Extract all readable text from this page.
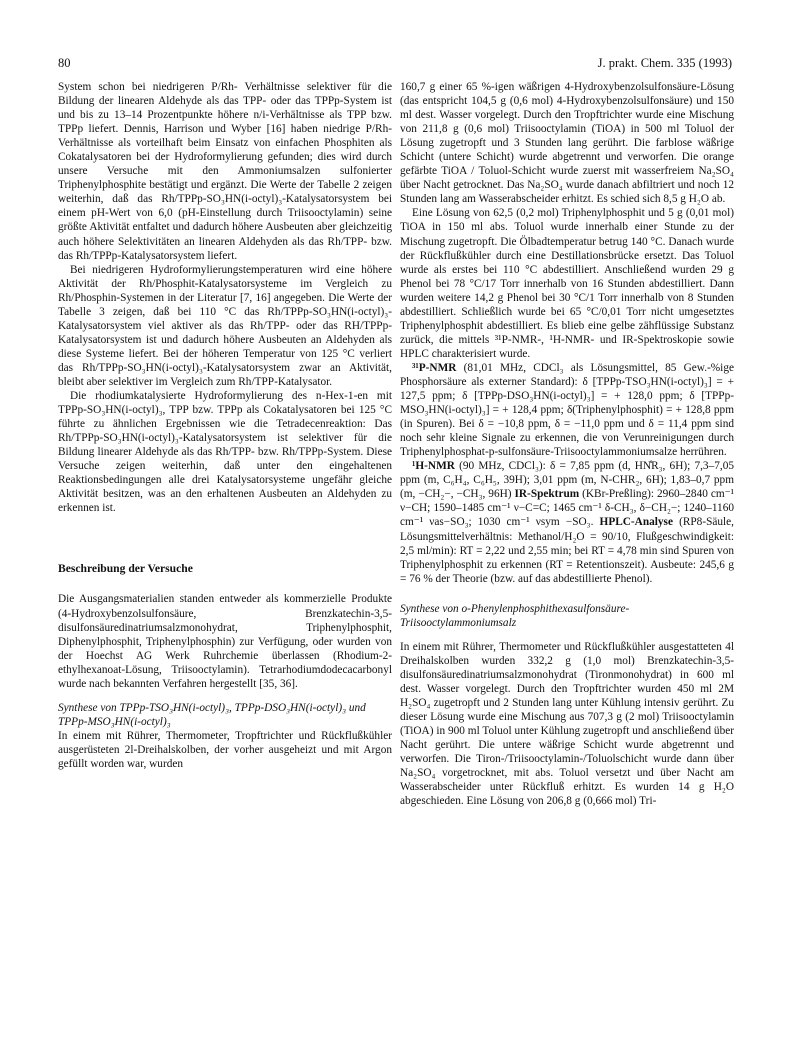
80	J. prakt. Chem. 335 (1993)

System schon bei niedrigeren P/Rh- Verhältnisse selektiver für die Bildung der linearen Aldehyde als das TPP- oder das TPPp-System ist und bis zu 13–14 Prozentpunkte höhere n/i-Verhältnisse als TPP bzw. TPPp liefert. Dennis, Harrison und Wyber [16] haben niedrige P/Rh-Verhältnisse als vorteilhaft beim Einsatz von einfachen Phosphiten als Cokatalysatoren bei der Hydroformylierung gefunden; dies wird durch unsere Versuche mit den Ammoniumsalzen sulfonierter Triphenylphosphite bestätigt und ergänzt. Die Werte der Tabelle 2 zeigen weiterhin, daß das Rh/TPPp-SO₃HN(i-octyl)₃-Katalysatorsystem bei einem pH-Wert von 6,0 (pH-Einstellung durch Triisooctylamin) seine größte Aktivität entfaltet und dadurch höhere Ausbeuten aber gleichzeitig auch höhere Selektivitäten an linearen Aldehyden als das Rh/TPP- bzw. das Rh/TPPp-Katalysatorsystem liefert.

Bei niedrigeren Hydroformylierungstemperaturen wird eine höhere Aktivität der Rh/Phosphit-Katalysatorsysteme im Vergleich zu Rh/Phosphin-Systemen in der Literatur [7, 16] angegeben. Die Werte der Tabelle 3 zeigen, daß bei 110 °C das Rh/TPPp-SO₃HN(i-octyl)₃-Katalysatorsystem viel aktiver als das Rh/TPP- oder das RH/TPPp-Katalysatorsystem ist und dadurch höhere Ausbeuten an Aldehyden als diese Systeme liefert. Bei der höheren Temperatur von 125 °C verliert das Rh/TPPp-SO₃HN(i-octyl)₃-Katalysatorsystem zwar an Aktivität, bleibt aber selektiver im Vergleich zum Rh/TPP-Katalysator.

Die rhodiumkatalysierte Hydroformylierung des n-Hex-1-en mit TPPp-SO₃HN(i-octyl)₃, TPP bzw. TPPp als Cokatalysatoren bei 125 °C führte zu ähnlichen Ergebnissen wie die Tetradecenreaktion: Das Rh/TPPp-SO₃HN(i-octyl)₃-Katalysatorsystem ist selektiver für die Bildung linearer Aldehyde als das Rh/TPP- bzw. Rh/TPPp-System. Diese Versuche zeigen weiterhin, daß unter den eingehaltenen Reaktionsbedingungen alle drei Katalysatorsysteme ungefähr gleiche Aktivität besitzen, was an den erhaltenen Ausbeuten an Aldehyden zu erkennen ist.

Beschreibung der Versuche

Die Ausgangsmaterialien standen entweder als kommerzielle Produkte (4-Hydroxybenzolsulfonsäure, Brenzkatechin-3,5-disulfonsäuredinatriumsalzmonohydrat, Triphenylphosphit, Diphenylphosphit, Triphenylphosphin) zur Verfügung, oder wurden von der Hoechst AG Werk Ruhrchemie überlassen (Rhodium-2-ethylhexanoat-Lösung, Triisooctylamin). Tetrarhodiumdodecacarbonyl wurde nach bekannten Verfahren hergestellt [35, 36].

Synthese von TPPp-TSO₃HN(i-octyl)₃, TPPp-DSO₃HN(i-octyl)₃ und TPPp-MSO₃HN(i-octyl)₃

In einem mit Rührer, Thermometer, Tropftrichter und Rückflußkühler ausgerüsteten 2l-Dreihalskolben, der vorher ausgeheizt und mit Argon gefüllt worden war, wurden

160,7 g einer 65 %-igen wäßrigen 4-Hydroxybenzolsulfonsäure-Lösung (das entspricht 104,5 g (0,6 mol) 4-Hydroxybenzolsulfonsäure) und 150 ml dest. Wasser vorgelegt. Durch den Tropftrichter wurde eine Mischung von 211,8 g (0,6 mol) Triisooctylamin (TiOA) in 500 ml Toluol der Lösung zugetropft und 3 Stunden lang gerührt. Die farblose wäßrige Schicht (untere Schicht) wurde abgetrennt und verworfen. Die orange gefärbte TiOA / Toluol-Schicht wurde zuerst mit wasserfreiem Na₂SO₄ über Nacht getrocknet. Das Na₂SO₄ wurde danach abfiltriert und noch 12 Stunden lang am Wasserabscheider erhitzt. Es schied sich 8,5 g H₂O ab.

Eine Lösung von 62,5 (0,2 mol) Triphenylphosphit und 5 g (0,01 mol) TiOA in 150 ml abs. Toluol wurde innerhalb einer Stunde zu der Mischung zugetropft. Die Ölbadtemperatur betrug 140 °C. Danach wurde der Rückflußkühler durch eine Destillationsbrücke ersetzt. Das Toluol wurde als erstes bei 110 °C abdestilliert. Anschließend wurden 29 g Phenol bei 78 °C/17 Torr innerhalb von 16 Stunden abdestilliert. Dann wurden weitere 14,2 g Phenol bei 30 °C/1 Torr innerhalb von 8 Stunden abdestilliert. Schließlich wurde bei 65 °C/0,01 Torr nicht umgesetztes Triphenylphosphit abdestilliert. Es blieb eine gelbe zähflüssige Substanz zurück, die mittels ³¹P-NMR-, ¹H-NMR- und IR-Spektroskopie sowie HPLC charakterisiert wurde.

³¹P-NMR (81,01 MHz, CDCl₃ als Lösungsmittel, 85 Gew.-%ige Phosphorsäure als externer Standard): δ [TPPp-TSO₃HN(i-octyl)₃] = + 127,5 ppm; δ [TPPp-DSO₃HN(i-octyl)₃] = + 128,0 ppm; δ [TPPp-MSO₃HN(i-octyl)₃] = + 128,4 ppm; δ(Triphenylphosphit) = + 128,8 ppm (in Spuren). Bei δ = −10,8 ppm, δ = −11,0 ppm und δ = 11,4 ppm sind noch sehr kleine Signale zu erkennen, die von Verunreinigungen durch Triphenylphosphat-p-sulfonsäure-Triisooctylammoniumsalze herrühren.

¹H-NMR (90 MHz, CDCl₃): δ = 7,85 ppm (d, HN̊R₃, 6H); 7,3–7,05 ppm (m, C₆H₄, C₆H₅, 39H); 3,01 ppm (m, N-CHR₂, 6H); 1,83–0,7 ppm (m, −CH₂−, −CH₃, 96H) IR-Spektrum (KBr-Preßling): 2960–2840 cm⁻¹ ν−CH; 1590–1485 cm⁻¹ ν−C=C; 1465 cm⁻¹ δ-CH₃, δ−CH₂−; 1240–1160 cm⁻¹ νas−SO₃; 1030 cm⁻¹ νsym −SO₃. HPLC-Analyse (RP8-Säule, Lösungsmittelverhältnis: Methanol/H₂O = 90/10, Flußgeschwindigkeit: 2,5 ml/min): RT = 2,22 und 2,55 min; bei RT = 4,78 min sind Spuren von Triphenylphosphit zu erkennen (RT = Retentionszeit). Ausbeute: 245,6 g = 76 % der Theorie (bzw. auf das abdestillierte Phenol).

Synthese von o-Phenylenphosphithexasulfonsäure-Triisooctylammoniumsalz

In einem mit Rührer, Thermometer und Rückflußkühler ausgestatteten 4l Dreihalskolben wurden 332,2 g (1,0 mol) Brenzkatechin-3,5-disulfonsäuredinatriumsalzmonohydrat (Tironmonohydrat) in 600 ml dest. Wasser vorgelegt. Durch den Tropftrichter wurden 450 ml 2M H₂SO₄ zugetropft und 2 Stunden lang unter Kühlung intensiv gerührt. Zu dieser Lösung wurde eine Mischung aus 707,3 g (2 mol) Triisooctylamin (TiOA) in 900 ml Toluol unter Kühlung zugetropft und anschließend über Nacht gerührt. Die untere wäßrige Schicht wurde abgetrennt und verworfen. Die Tiron-/Triisooctylamin-/Toluolschicht wurde dann über Na₂SO₄ vorgetrocknet, mit abs. Toluol versetzt und über Nacht am Wasserabscheider unter Rückfluß erhitzt. Es wurden 14 g H₂O abgeschieden. Eine Lösung von 206,8 g (0,666 mol) Tri-
